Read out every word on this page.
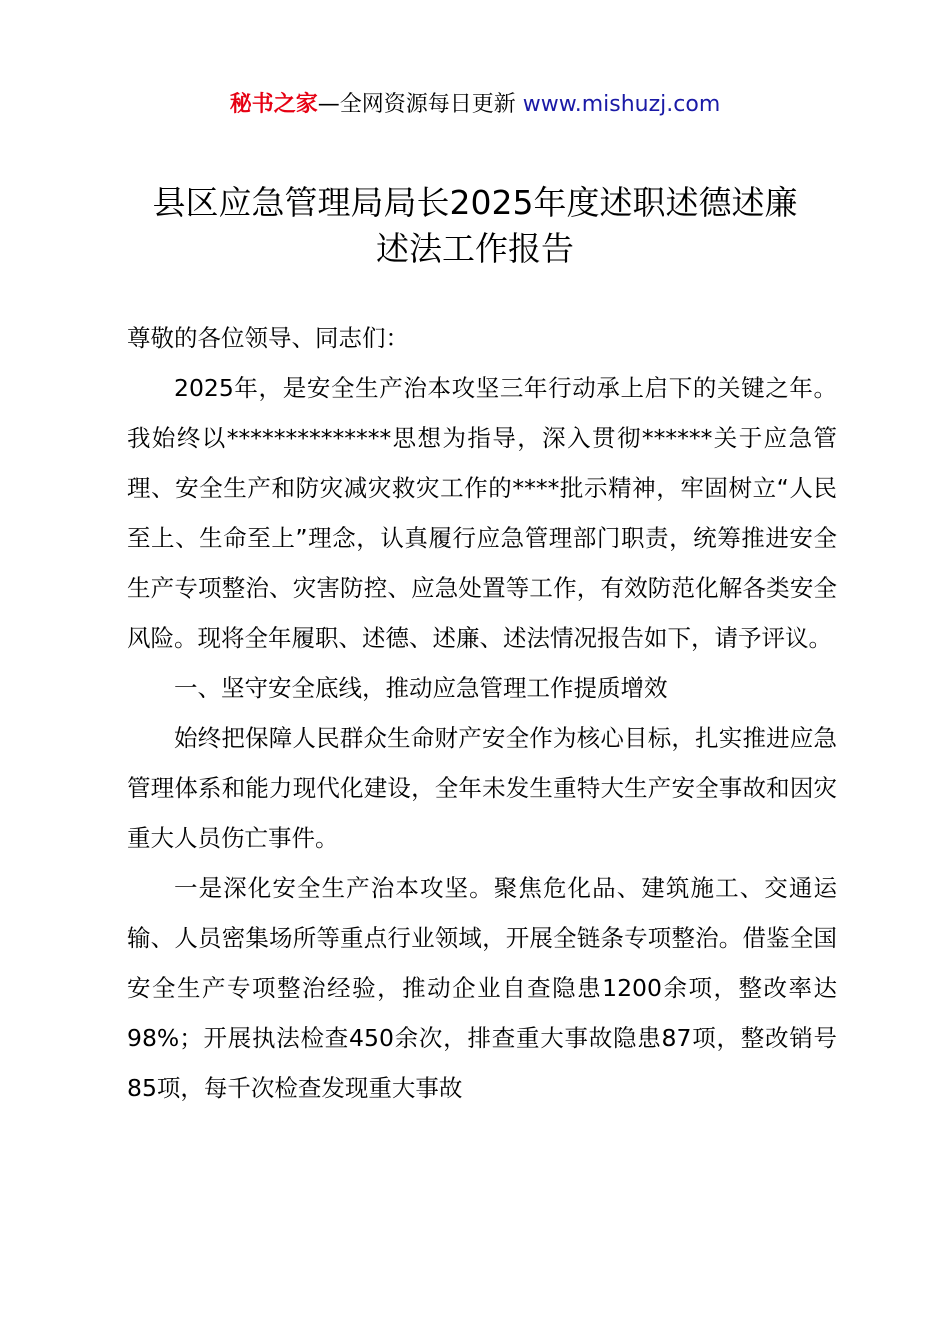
秘书之家—全网资源每日更新 www.mishuzj.com
县区应急管理局局长2025年度述职述德述廉
述法工作报告

尊敬的各位领导、同志们：

2025年，是安全生产治本攻坚三年行动承上启下的关键之年。我始终以**************思想为指导，深入贯彻******关于应急管理、安全生产和防灾减灾救灾工作的****批示精神，牢固树立“人民至上、生命至上”理念，认真履行应急管理部门职责，统筹推进安全生产专项整治、灾害防控、应急处置等工作，有效防范化解各类安全风险。现将全年履职、述德、述廉、述法情况报告如下，请予评议。

一、坚守安全底线，推动应急管理工作提质增效

始终把保障人民群众生命财产安全作为核心目标，扎实推进应急管理体系和能力现代化建设，全年未发生重特大生产安全事故和因灾重大人员伤亡事件。

一是深化安全生产治本攻坚。聚焦危化品、建筑施工、交通运输、人员密集场所等重点行业领域，开展全链条专项整治。借鉴全国安全生产专项整治经验，推动企业自查隐患1200余项，整改率达98%；开展执法检查450余次，排查重大事故隐患87项，整改销号85项，每千次检查发现重大事故
